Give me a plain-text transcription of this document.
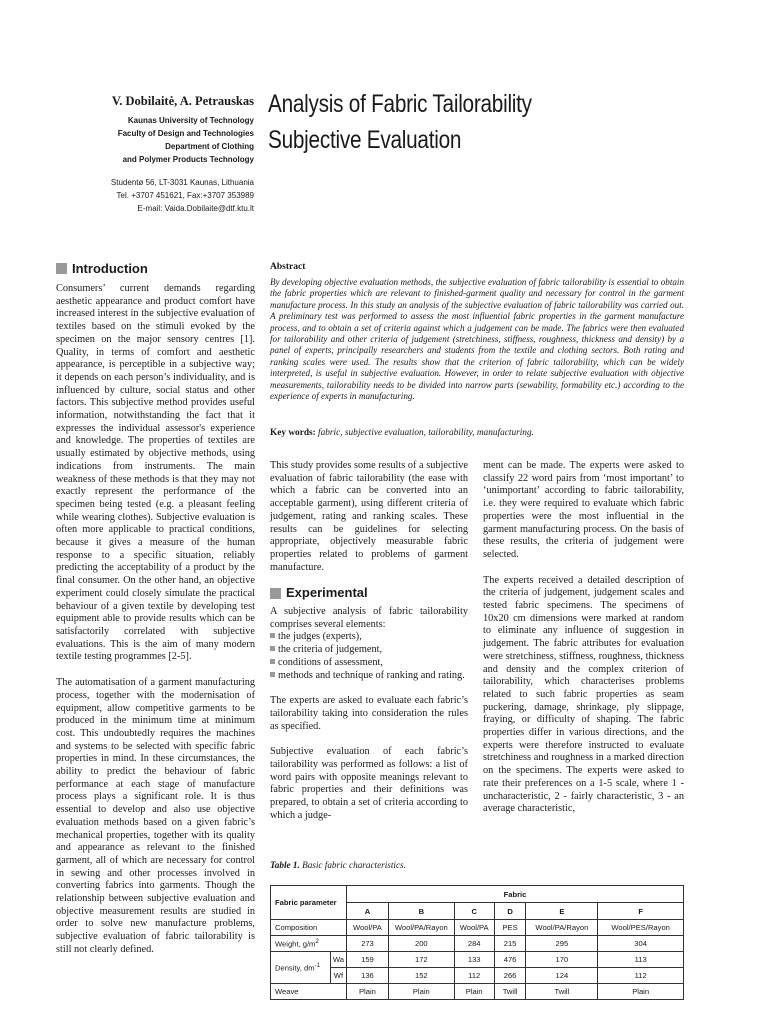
V. Dobilaitė, A. Petrauskas
Kaunas University of Technology
Faculty of Design and Technologies
Department of Clothing
and Polymer Products Technology
Studentø 56, LT-3031 Kaunas, Lithuania
Tel. +3707 451621, Fax:+3707 353989
E-mail: Vaida.Dobilaite@dtf.ktu.lt
Analysis of Fabric Tailorability Subjective Evaluation
Introduction	Abstract
By developing objective evaluation methods, the subjective evaluation of fabric tailorability is essential to obtain the fabric properties which are relevant to finished-garment quality and necessary for control in the garment manufacture process. In this study an analysis of the subjective evaluation of fabric tailorability was carried out. A preliminary test was performed to assess the most influential fabric properties in the garment manufacture process, and to obtain a set of criteria against which a judgement can be made. The fabrics were then evaluated for tailorability and other criteria of judgement (stretchiness, stiffness, roughness, thickness and density) by a panel of experts, principally researchers and students from the textile and clothing sectors. Both rating and ranking scales were used. The results show that the criterion of fabric tailorability, which can be widely interpreted, is useful in subjective evaluation. However, in order to relate subjective evaluation with objective measurements, tailorability needs to be divided into narrow parts (sewability, formability etc.) according to the experience of experts in manufacturing.
Key words: fabric, subjective evaluation, tailorability, manufacturing.

Consumers’ current demands regarding aesthetic appearance and product comfort have increased interest in the subjective evaluation of textiles based on the stimuli evoked by the specimen on the major sensory centres [1]. Quality, in terms of comfort and aesthetic appearance, is perceptible in a subjective way; it depends on each person’s individuality, and is influenced by culture, social status and other factors. This subjective method provides useful information, notwithstanding the fact that it expresses the individual assessor's experience and knowledge. The properties of textiles are usually estimated by objective methods, using indications from instruments. The main weakness of these methods is that they may not exactly represent the performance of the specimen being tested (e.g. a pleasant feeling while wearing clothes). Subjective evaluation is often more applicable to practical conditions, because it gives a measure of the human response to a specific situation, reliably predicting the acceptability of a product by the final consumer. On the other hand, an objective experiment could closely simulate the practical behaviour of a given textile by developing test equipment able to provide results which can be satisfactorily correlated with subjective evaluations. This is the aim of many modern textile testing programmes [2-5].

The automatisation of a garment manufacturing process, together with the modernisation of equipment, allow competitive garments to be produced in the minimum time at minimum cost. This undoubtedly requires the machines and systems to be selected with specific fabric properties in mind. In these circumstances, the ability to predict the behaviour of fabric performance at each stage of manufacture process plays a significant role. It is thus essential to develop and also use objective evaluation methods based on a given fabric’s mechanical properties, together with its quality and appearance as relevant to the finished garment, all of which are necessary for control in sewing and other processes involved in converting fabrics into garments. Though the relationship between subjective evaluation and objective measurement results are studied in order to solve new manufacture problems, subjective evaluation of fabric tailorability is still not clearly defined.

This study provides some results of a subjective evaluation of fabric tailorability (the ease with which a fabric can be converted into an acceptable garment), using different criteria of judgement, rating and ranking scales. These results can be guidelines for selecting appropriate, objectively measurable fabric properties related to problems of garment manufacture.

Experimental

A subjective analysis of fabric tailorability comprises several elements:

the judges (experts),
the criteria of judgement,
conditions of assessment,
methods and technique of ranking and rating.

The experts are asked to evaluate each fabric’s tailorability taking into consideration the rules as specified.

Subjective evaluation of each fabric’s tailorability was performed as follows: a list of word pairs with opposite meanings relevant to fabric properties and their definitions was prepared, to obtain a set of criteria according to which a judge-

ment can be made. The experts were asked to classify 22 word pairs from ‘most important’ to ‘unimportant’ according to fabric tailorability, i.e. they were required to evaluate which fabric properties were the most influential in the garment manufacturing process. On the basis of these results, the criteria of judgement were selected.

The experts received a detailed description of the criteria of judgement, judgement scales and tested fabric specimens. The specimens of 10x20 cm dimensions were marked at random to eliminate any influence of suggestion in judgement. The fabric attributes for evaluation were stretchiness, stiffness, roughness, thickness and density and the complex criterion of tailorability, which characterises problems related to such fabric properties as seam puckering, damage, shrinkage, ply slippage, fraying, or difficulty of shaping. The fabric properties differ in various directions, and the experts were therefore instructed to evaluate stretchiness and roughness in a marked direction on the specimens. The experts were asked to rate their preferences on a 1-5 scale, where 1 - uncharacteristic, 2 - fairly characteristic, 3 - an average characteristic,

Table 1. Basic fabric characteristics.
Fabric parameter		Fabric					
		A	B	C	D	E	F
Composition		Wool/PA	Wool/PA/Rayon	Wool/PA	PES	Wool/PA/Rayon	Wool/PES/Rayon
Weight, $g/m^2$		273	200	284	215	295	304
Density, $dm^{-1}$	Wa	159	172	133	476	170	113
	Wf	136	152	112	266	124	112
Weave		Plain	Plain	Plain	Twill	Twill	Plain
